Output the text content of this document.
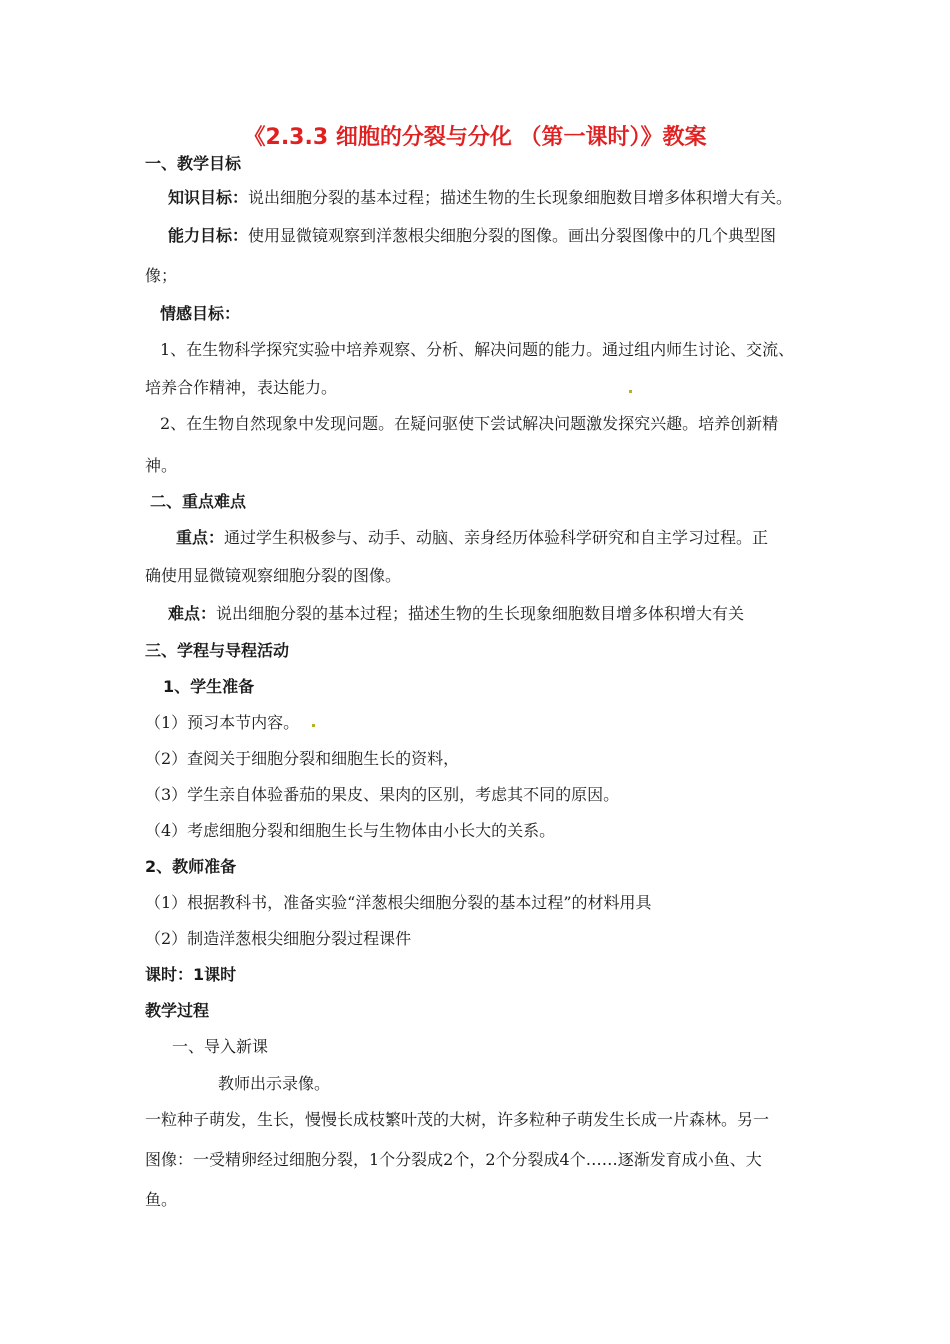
《2.3.3 细胞的分裂与分化 （第一课时）》教案
一、教学目标
知识目标：说出细胞分裂的基本过程；描述生物的生长现象细胞数目增多体积增大有关。
能力目标：使用显微镜观察到洋葱根尖细胞分裂的图像。画出分裂图像中的几个典型图
像；
情感目标：
1、在生物科学探究实验中培养观察、分析、解决问题的能力。通过组内师生讨论、交流、
培养合作精神，表达能力。
2、在生物自然现象中发现问题。在疑问驱使下尝试解决问题激发探究兴趣。培养创新精
神。
二、重点难点
重点：通过学生积极参与、动手、动脑、亲身经历体验科学研究和自主学习过程。正
确使用显微镜观察细胞分裂的图像。
难点：说出细胞分裂的基本过程；描述生物的生长现象细胞数目增多体积增大有关
三、学程与导程活动
1、学生准备
（1）预习本节内容。
（2）查阅关于细胞分裂和细胞生长的资料，
（3）学生亲自体验番茄的果皮、果肉的区别，考虑其不同的原因。
（4）考虑细胞分裂和细胞生长与生物体由小长大的关系。
2、教师准备
（1）根据教科书，准备实验“洋葱根尖细胞分裂的基本过程”的材料用具
（2）制造洋葱根尖细胞分裂过程课件
课时：1课时
教学过程
一、导入新课
教师出示录像。
一粒种子萌发，生长，慢慢长成枝繁叶茂的大树，许多粒种子萌发生长成一片森林。另一
图像：一受精卵经过细胞分裂，1个分裂成2个，2个分裂成4个……逐渐发育成小鱼、大
鱼。
